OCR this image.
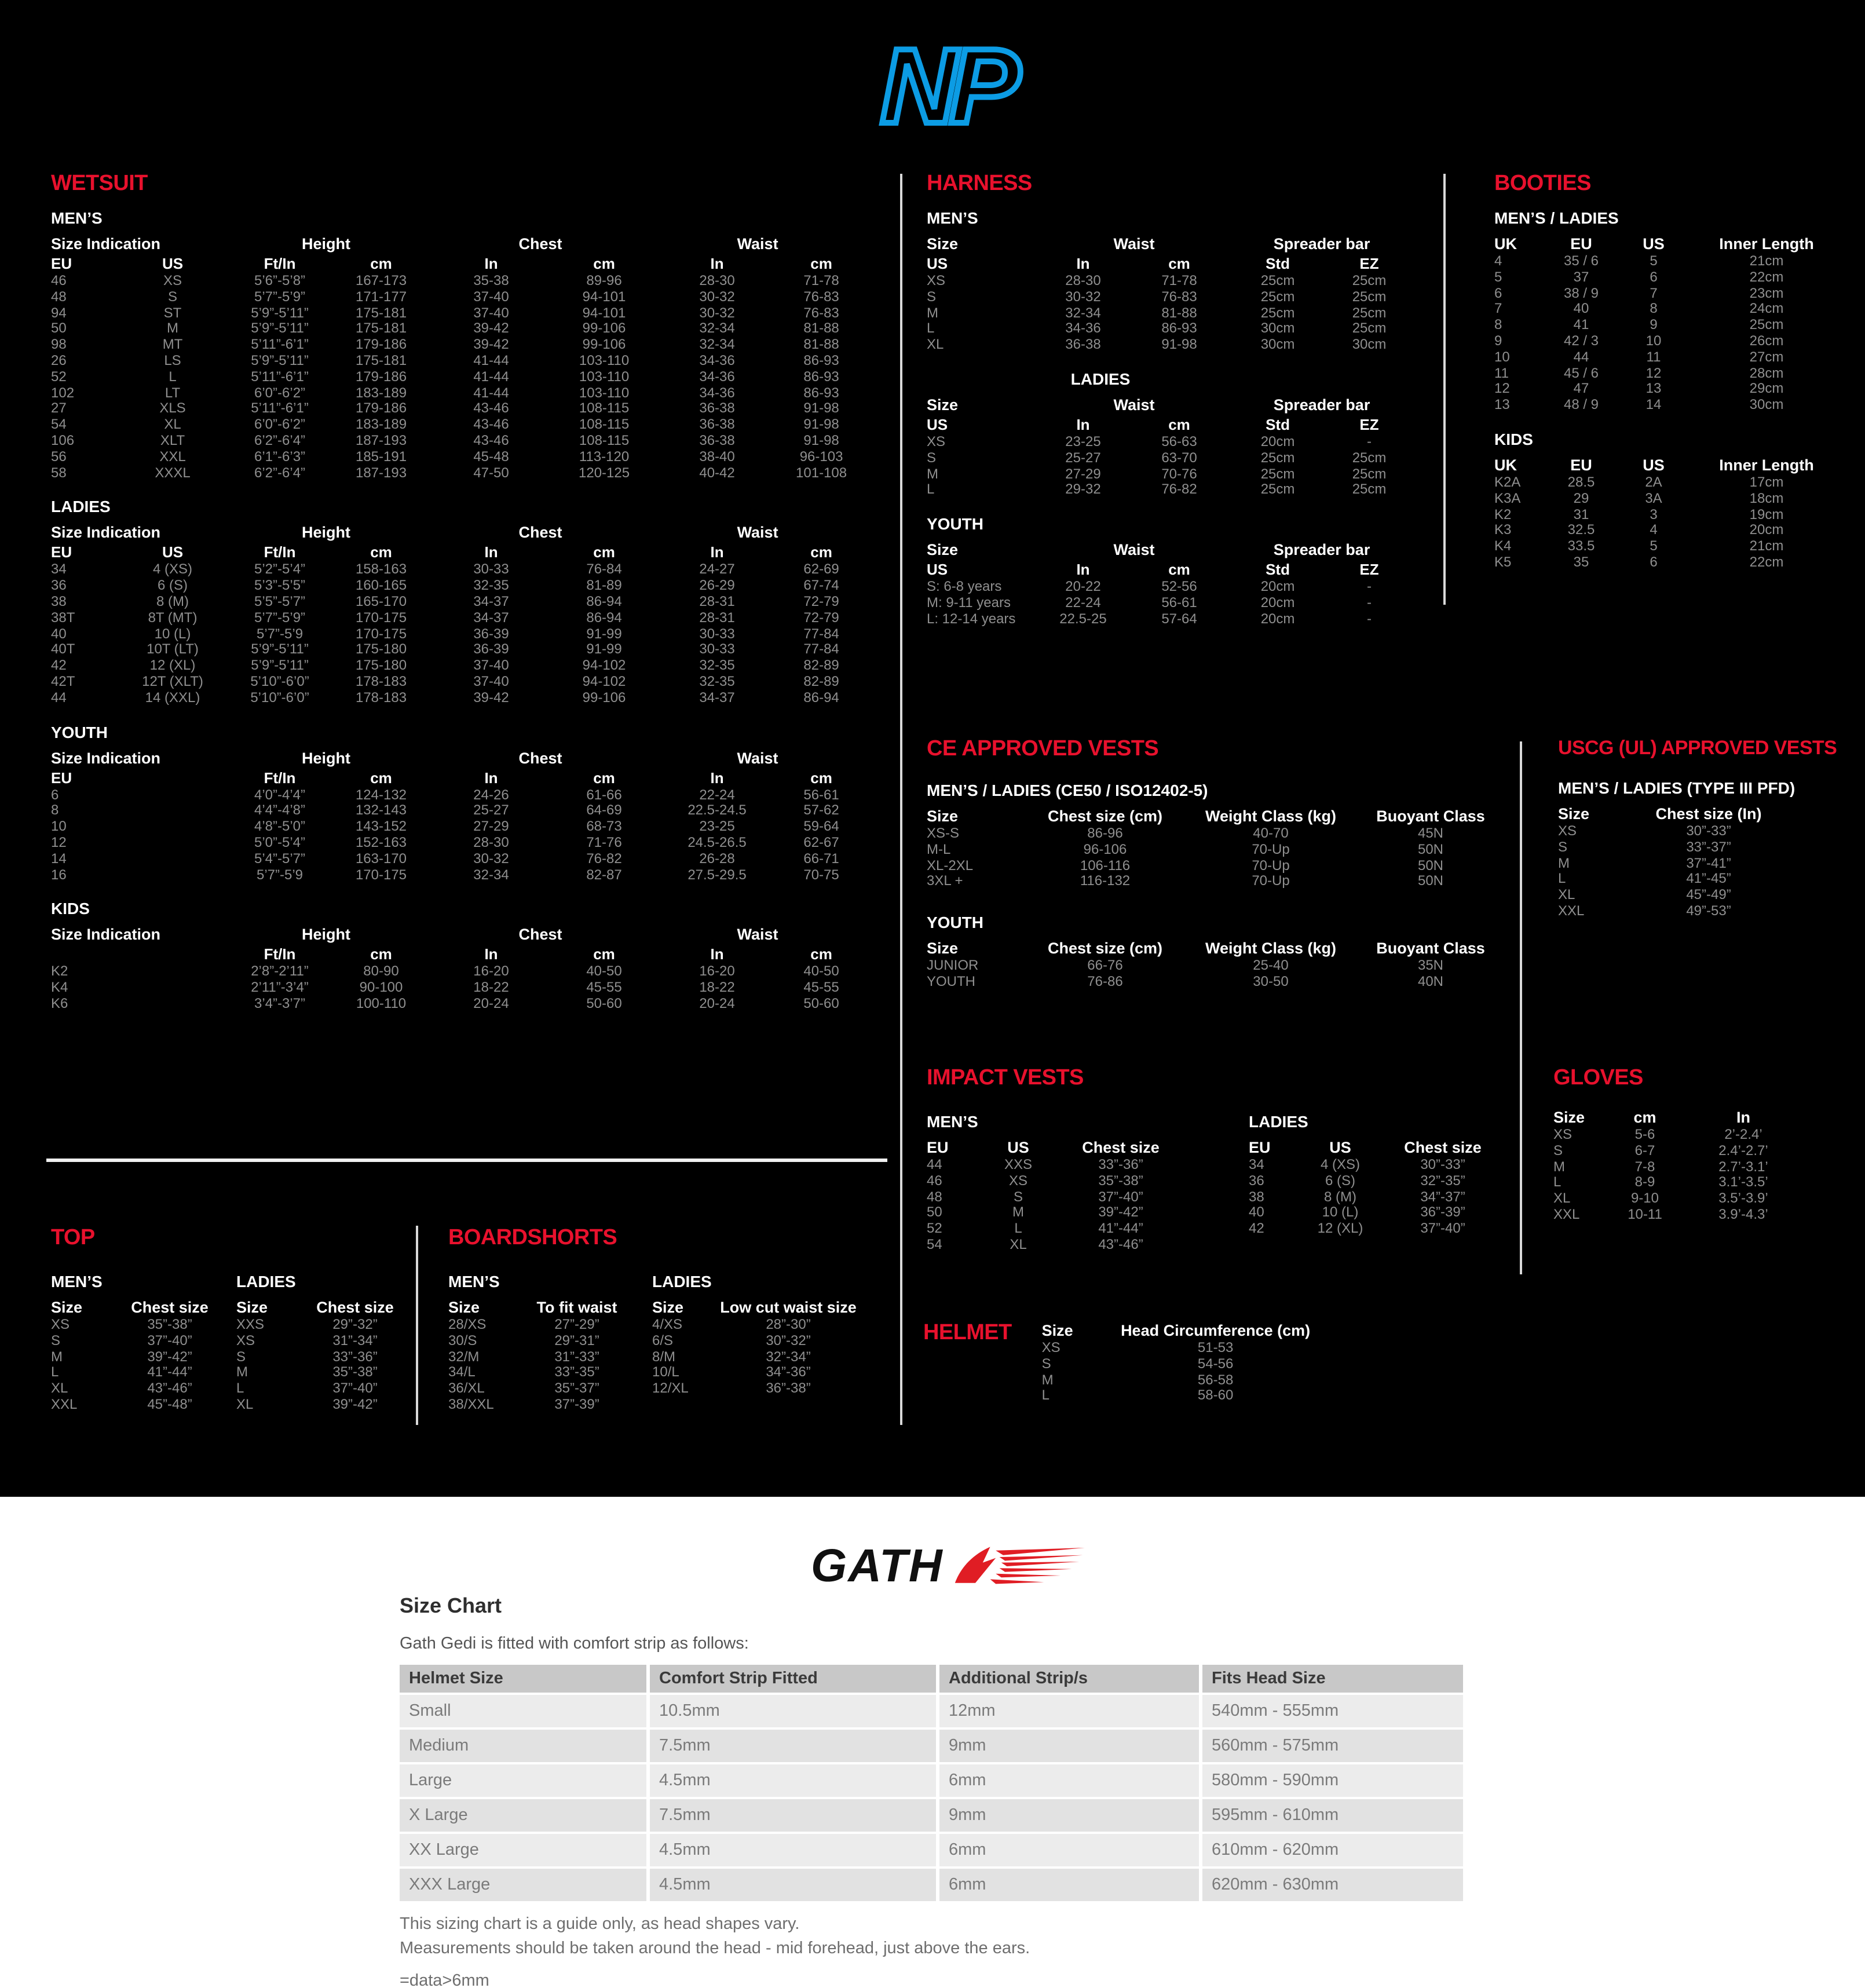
NP
WETSUIT
MEN’S
Size Indication		Height		Chest		Waist	
EU	US	Ft/In	cm	In	cm	In	cm
46	XS	5’6”-5’8”	167-173	35-38	89-96	28-30	71-78
48	S	5’7”-5’9”	171-177	37-40	94-101	30-32	76-83
94	ST	5’9”-5’11”	175-181	37-40	94-101	30-32	76-83
50	M	5’9”-5’11”	175-181	39-42	99-106	32-34	81-88
98	MT	5’11”-6’1”	179-186	39-42	99-106	32-34	81-88
26	LS	5’9”-5’11”	175-181	41-44	103-110	34-36	86-93
52	L	5’11”-6’1”	179-186	41-44	103-110	34-36	86-93
102	LT	6’0”-6’2”	183-189	41-44	103-110	34-36	86-93
27	XLS	5’11”-6’1”	179-186	43-46	108-115	36-38	91-98
54	XL	6’0”-6’2”	183-189	43-46	108-115	36-38	91-98
106	XLT	6’2”-6’4”	187-193	43-46	108-115	36-38	91-98
56	XXL	6’1”-6’3”	185-191	45-48	113-120	38-40	96-103
58	XXXL	6’2”-6’4”	187-193	47-50	120-125	40-42	101-108
LADIES
Size Indication		Height		Chest		Waist	
EU	US	Ft/In	cm	In	cm	In	cm
34	4 (XS)	5’2”-5’4”	158-163	30-33	76-84	24-27	62-69
36	6 (S)	5’3”-5’5”	160-165	32-35	81-89	26-29	67-74
38	8 (M)	5’5”-5’7”	165-170	34-37	86-94	28-31	72-79
38T	8T (MT)	5’7”-5’9”	170-175	34-37	86-94	28-31	72-79
40	10 (L)	5’7”-5’9	170-175	36-39	91-99	30-33	77-84
40T	10T (LT)	5’9”-5’11”	175-180	36-39	91-99	30-33	77-84
42	12 (XL)	5’9”-5’11”	175-180	37-40	94-102	32-35	82-89
42T	12T (XLT)	5’10”-6’0”	178-183	37-40	94-102	32-35	82-89
44	14 (XXL)	5’10”-6’0”	178-183	39-42	99-106	34-37	86-94
YOUTH
Size Indication	Height		Chest		Waist	
EU	Ft/In	cm	In	cm	In	cm
6	4’0”-4’4”	124-132	24-26	61-66	22-24	56-61
8	4’4”-4’8”	132-143	25-27	64-69	22.5-24.5	57-62
10	4’8”-5’0”	143-152	27-29	68-73	23-25	59-64
12	5’0”-5’4”	152-163	28-30	71-76	24.5-26.5	62-67
14	5’4”-5’7”	163-170	30-32	76-82	26-28	66-71
16	5’7”-5’9	170-175	32-34	82-87	27.5-29.5	70-75
KIDS
Size Indication	Height		Chest		Waist	
	Ft/In	cm	In	cm	In	cm
K2	2’8”-2’11”	80-90	16-20	40-50	16-20	40-50
K4	2’11”-3’4”	90-100	18-22	45-55	18-22	45-55
K6	3’4”-3’7”	100-110	20-24	50-60	20-24	50-60
HARNESS
MEN’S
Size	Waist		Spreader bar	
US	In	cm	Std	EZ
XS	28-30	71-78	25cm	25cm
S	30-32	76-83	25cm	25cm
M	32-34	81-88	25cm	25cm
L	34-36	86-93	30cm	25cm
XL	36-38	91-98	30cm	30cm
LADIES
Size	Waist		Spreader bar	
US	In	cm	Std	EZ
XS	23-25	56-63	20cm	-
S	25-27	63-70	25cm	25cm
M	27-29	70-76	25cm	25cm
L	29-32	76-82	25cm	25cm
YOUTH
Size	Waist		Spreader bar	
US	In	cm	Std	EZ
S: 6-8 years	20-22	52-56	20cm	-
M: 9-11 years	22-24	56-61	20cm	-
L: 12-14 years	22.5-25	57-64	20cm	-
BOOTIES
MEN’S / LADIES
UK	EU	US	Inner Length
4	35 / 6	5	21cm
5	37	6	22cm
6	38 / 9	7	23cm
7	40	8	24cm
8	41	9	25cm
9	42 / 3	10	26cm
10	44	11	27cm
11	45 / 6	12	28cm
12	47	13	29cm
13	48 / 9	14	30cm
KIDS
UK	EU	US	Inner Length
K2A	28.5	2A	17cm
K3A	29	3A	18cm
K2	31	3	19cm
K3	32.5	4	20cm
K4	33.5	5	21cm
K5	35	6	22cm
CE APPROVED VESTS
MEN’S / LADIES (CE50 / ISO12402-5)
Size	Chest size (cm)	Weight Class (kg)	Buoyant Class
XS-S	86-96	40-70	45N
M-L	96-106	70-Up	50N
XL-2XL	106-116	70-Up	50N
3XL +	116-132	70-Up	50N
YOUTH
Size	Chest size (cm)	Weight Class (kg)	Buoyant Class
JUNIOR	66-76	25-40	35N
YOUTH	76-86	30-50	40N
USCG (UL) APPROVED VESTS
MEN’S / LADIES (TYPE III PFD)
Size	Chest size (In)
XS	30”-33”
S	33”-37”
M	37”-41”
L	41”-45”
XL	45”-49”
XXL	49”-53”
IMPACT VESTS
MEN’S
EU	US	Chest size
44	XXS	33”-36”
46	XS	35”-38”
48	S	37”-40”
50	M	39”-42”
52	L	41”-44”
54	XL	43”-46”
LADIES
EU	US	Chest size
34	4 (XS)	30”-33”
36	6 (S)	32”-35”
38	8 (M)	34”-37”
40	10 (L)	36”-39”
42	12 (XL)	37”-40”
GLOVES
Size	cm	In
XS	5-6	2’-2.4’
S	6-7	2.4’-2.7’
M	7-8	2.7’-3.1’
L	8-9	3.1’-3.5’
XL	9-10	3.5’-3.9’
XXL	10-11	3.9’-4.3’
HELMET	Size	Head Circumference (cm)
XS	51-53
S	54-56
M	56-58
L	58-60
TOP
MEN’S
Size	Chest size
XS	35”-38”
S	37”-40”
M	39”-42”
L	41”-44”
XL	43”-46”
XXL	45”-48”
LADIES
Size	Chest size
XXS	29”-32”
XS	31”-34”
S	33”-36”
M	35”-38”
L	37”-40”
XL	39”-42”
BOARDSHORTS
MEN’S
Size	To fit waist
28/XS	27”-29”
30/S	29”-31”
32/M	31”-33”
34/L	33”-35”
36/XL	35”-37”
38/XXL	37”-39”
LADIES
Size	Low cut waist size
4/XS	28”-30”
6/S	30”-32”
8/M	32”-34”
10/L	34”-36”
12/XL	36”-38”
GATH
Size Chart

Gath Gedi is fitted with comfort strip as follows:

Helmet Size	Comfort Strip Fitted	Additional Strip/s	Fits Head Size
Small	10.5mm	12mm	540mm - 555mm
Medium	7.5mm	9mm	560mm - 575mm
Large	4.5mm	6mm	580mm - 590mm
X Large	7.5mm	9mm	595mm - 610mm
XX Large	4.5mm	6mm	610mm - 620mm
XXX Large	4.5mm	6mm	620mm - 630mm

This sizing chart is a guide only, as head shapes vary.

Measurements should be taken around the head - mid forehead, just above the ears.

=data>6mm
